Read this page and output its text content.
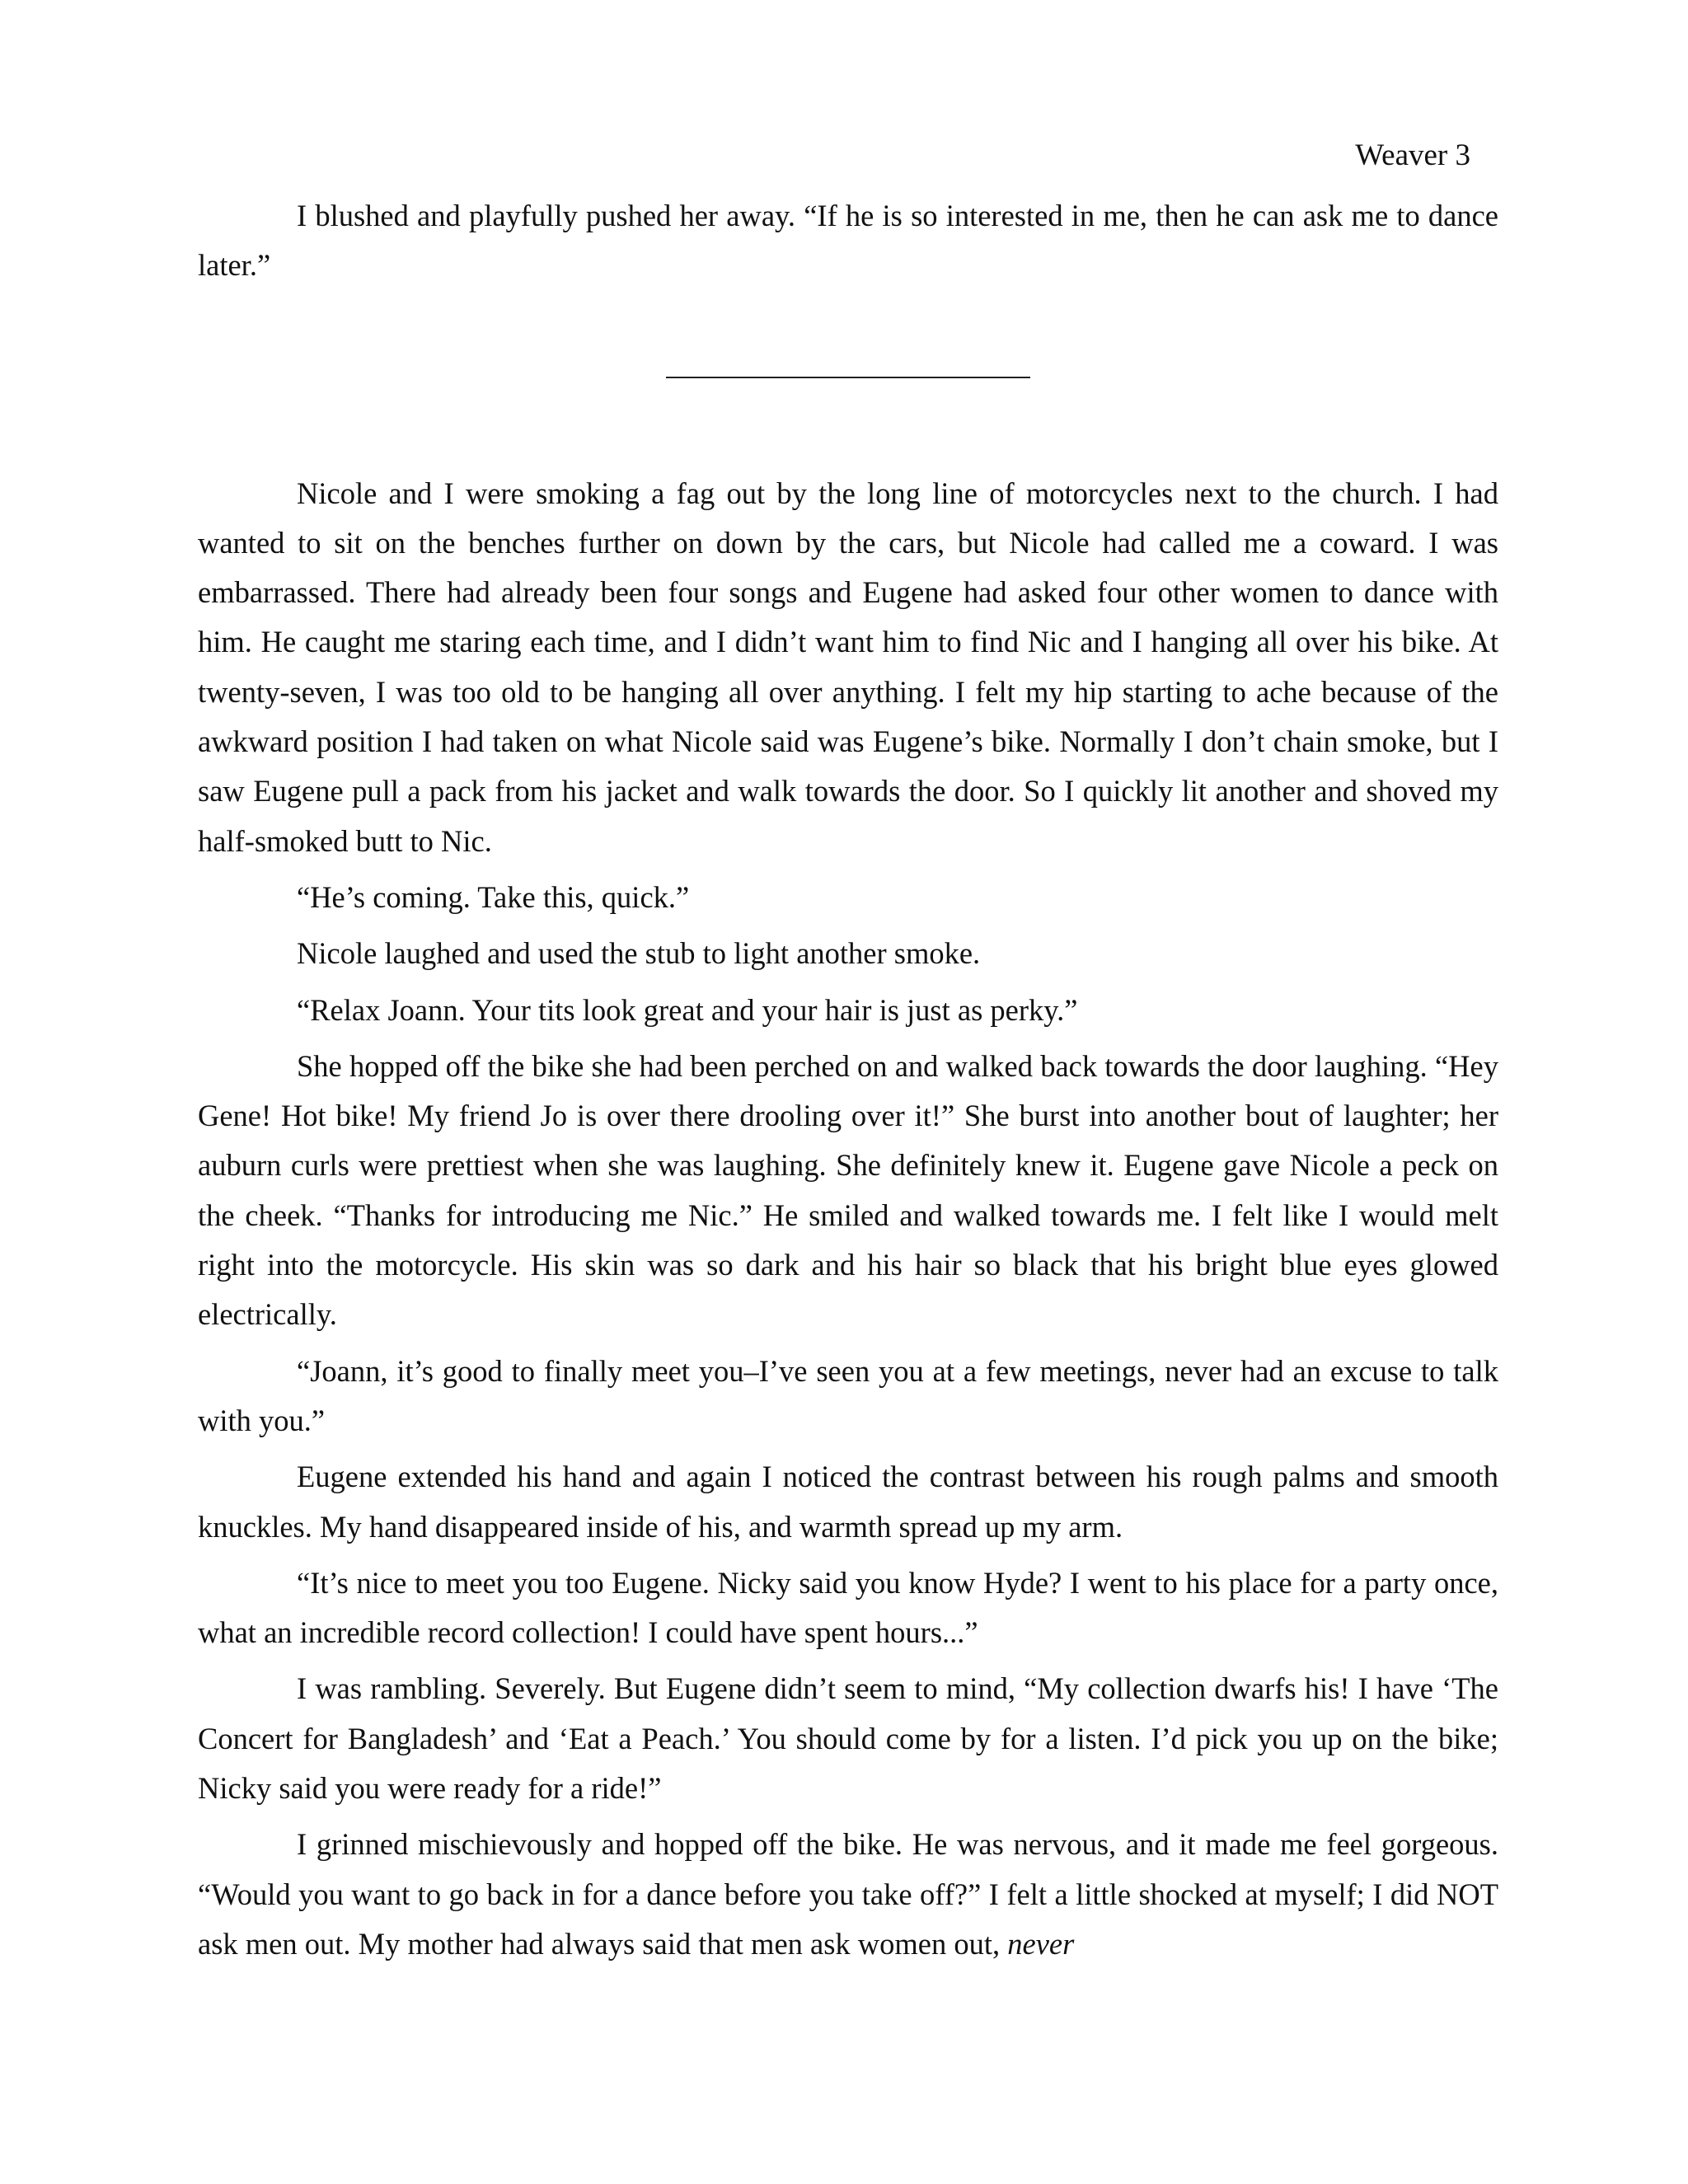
Weaver 3

I blushed and playfully pushed her away. “If he is so interested in me, then he can ask me to dance later.”

Nicole and I were smoking a fag out by the long line of motorcycles next to the church. I had wanted to sit on the benches further on down by the cars, but Nicole had called me a coward. I was embarrassed. There had already been four songs and Eugene had asked four other women to dance with him. He caught me staring each time, and I didn’t want him to find Nic and I hanging all over his bike. At twenty-seven, I was too old to be hanging all over anything. I felt my hip starting to ache because of the awkward position I had taken on what Nicole said was Eugene’s bike. Normally I don’t chain smoke, but I saw Eugene pull a pack from his jacket and walk towards the door. So I quickly lit another and shoved my half-smoked butt to Nic.

“He’s coming. Take this, quick.”

Nicole laughed and used the stub to light another smoke.

“Relax Joann. Your tits look great and your hair is just as perky.”

She hopped off the bike she had been perched on and walked back towards the door laughing. “Hey Gene! Hot bike! My friend Jo is over there drooling over it!” She burst into another bout of laughter; her auburn curls were prettiest when she was laughing. She definitely knew it. Eugene gave Nicole a peck on the cheek. “Thanks for introducing me Nic.” He smiled and walked towards me. I felt like I would melt right into the motorcycle. His skin was so dark and his hair so black that his bright blue eyes glowed electrically.

“Joann, it’s good to finally meet you–I’ve seen you at a few meetings, never had an excuse to talk with you.”

Eugene extended his hand and again I noticed the contrast between his rough palms and smooth knuckles. My hand disappeared inside of his, and warmth spread up my arm.

“It’s nice to meet you too Eugene. Nicky said you know Hyde? I went to his place for a party once, what an incredible record collection! I could have spent hours...”

I was rambling. Severely. But Eugene didn’t seem to mind, “My collection dwarfs his! I have ‘The Concert for Bangladesh’ and ‘Eat a Peach.’ You should come by for a listen. I’d pick you up on the bike; Nicky said you were ready for a ride!”

I grinned mischievously and hopped off the bike. He was nervous, and it made me feel gorgeous. “Would you want to go back in for a dance before you take off?” I felt a little shocked at myself; I did NOT ask men out. My mother had always said that men ask women out, never
